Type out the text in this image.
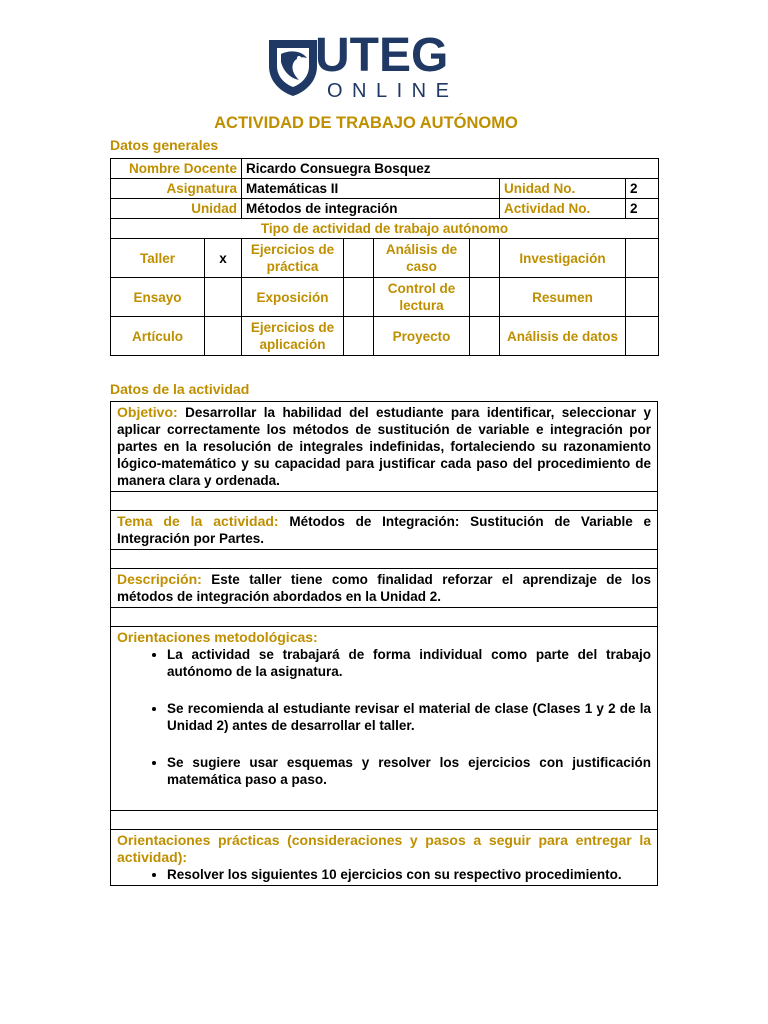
UTEG
ONLINE
ACTIVIDAD DE TRABAJO AUTÓNOMO
Datos generales
Nombre Docente		Ricardo Consuegra Bosquez					
Asignatura		Matemáticas II				Unidad No.	2
Unidad		Métodos de integración				Actividad No.	2
Tipo de actividad de trabajo autónomo							
Taller	x	Ejercicios de práctica		Análisis de caso		Investigación	
Ensayo		Exposición		Control de lectura		Resumen	
Artículo		Ejercicios de aplicación		Proyecto		Análisis de datos	
Datos de la actividad
Objetivo: Desarrollar la habilidad del estudiante para identificar, seleccionar y aplicar correctamente los métodos de sustitución de variable e integración por partes en la resolución de integrales indefinidas, fortaleciendo su razonamiento lógico-matemático y su capacidad para justificar cada paso del procedimiento de manera clara y ordenada.

Tema de la actividad: Métodos de Integración: Sustitución de Variable e Integración por Partes.

Descripción: Este taller tiene como finalidad reforzar el aprendizaje de los métodos de integración abordados en la Unidad 2.

Orientaciones metodológicas:
• La actividad se trabajará de forma individual como parte del trabajo autónomo de la asignatura.
• Se recomienda al estudiante revisar el material de clase (Clases 1 y 2 de la Unidad 2) antes de desarrollar el taller.
• Se sugiere usar esquemas y resolver los ejercicios con justificación matemática paso a paso.

Orientaciones prácticas (consideraciones y pasos a seguir para entregar la actividad):
• Resolver los siguientes 10 ejercicios con su respectivo procedimiento.
